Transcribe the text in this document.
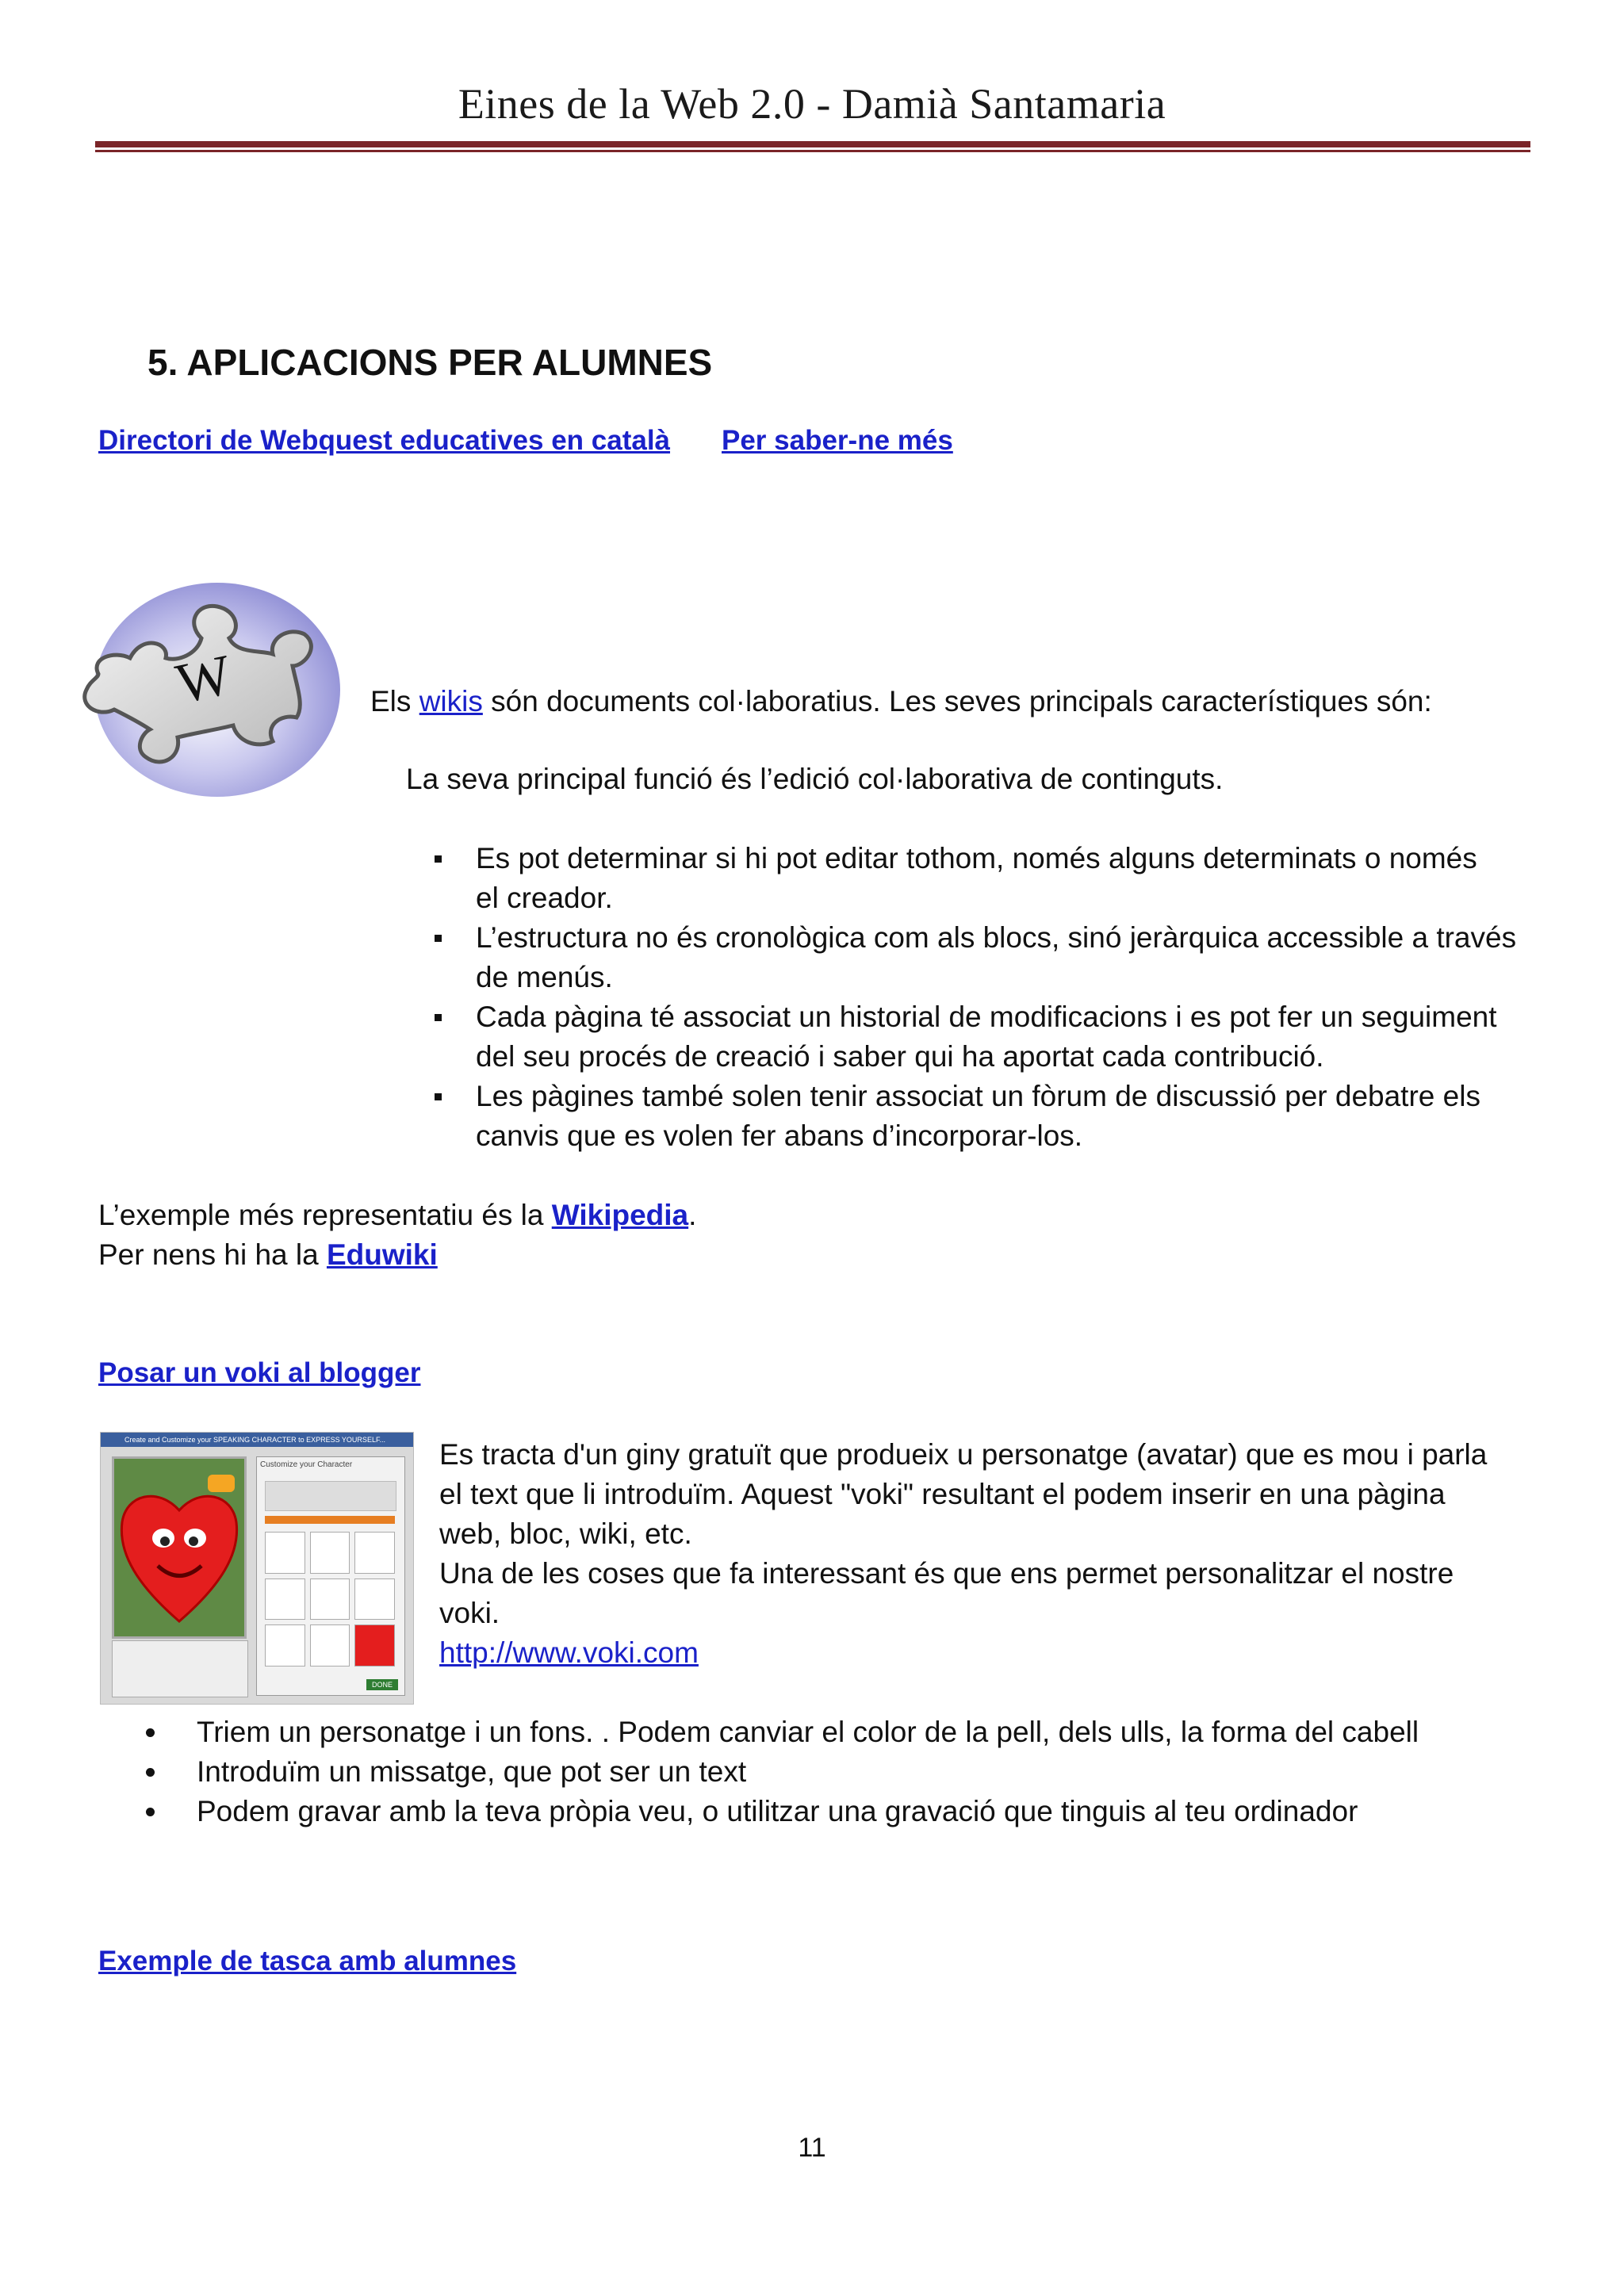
Eines de la Web 2.0 - Damià Santamaria
5. APLICACIONS PER ALUMNES
Directori de Webquest educatives en català Per saber-ne més
W	Els wikis són documents col·laboratius. Les seves principals característiques són:
La seva principal funció és l’edició col·laborativa de continguts.
Es pot determinar si hi pot editar tothom, només alguns determinats o només
el creador.
L’estructura no és cronològica com als blocs, sinó jeràrquica accessible a través
de menús.
Cada pàgina té associat un historial de modificacions i es pot fer un seguiment
del seu procés de creació i saber qui ha aportat cada contribució.
Les pàgines també solen tenir associat un fòrum de discussió per debatre els
canvis que es volen fer abans d’incorporar-los.
L’exemple més representatiu és la Wikipedia.
Per nens hi ha la Eduwiki
Posar un voki al blogger
Create and Customize your SPEAKING CHARACTER to EXPRESS YOURSELF...
Customize your Character
DONE
Es tracta d'un giny gratuït que produeix u personatge (avatar) que es mou i parla
el text que li introduïm. Aquest "voki" resultant el podem inserir en una pàgina
web, bloc, wiki, etc.
Una de les coses que fa interessant és que ens permet personalitzar el nostre
voki.
http://www.voki.com
Triem un personatge i un fons. . Podem canviar el color de la pell, dels ulls, la forma del cabell
Introduïm un missatge, que pot ser un text
Podem gravar amb la teva pròpia veu, o utilitzar una gravació que tinguis al teu ordinador
Exemple de tasca amb alumnes
11
